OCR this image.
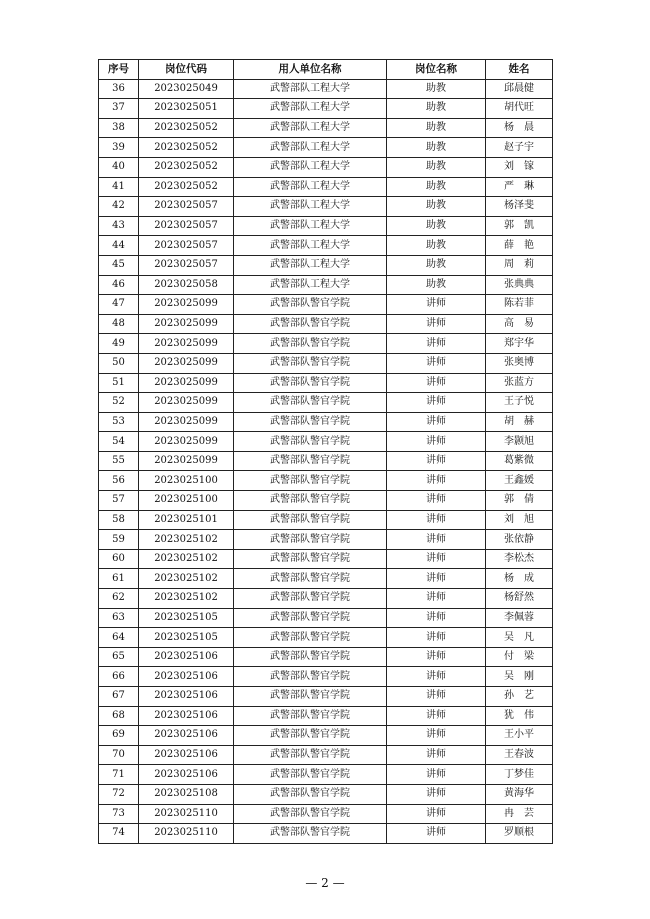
序号	岗位代码	用人单位名称	岗位名称	姓名
36	2023025049	武警部队工程大学	助教	邱晨健
37	2023025051	武警部队工程大学	助教	胡代旺
38	2023025052	武警部队工程大学	助教	杨　晨
39	2023025052	武警部队工程大学	助教	赵子宇
40	2023025052	武警部队工程大学	助教	刘　镓
41	2023025052	武警部队工程大学	助教	严　琳
42	2023025057	武警部队工程大学	助教	杨泽斐
43	2023025057	武警部队工程大学	助教	郭　凯
44	2023025057	武警部队工程大学	助教	薛　艳
45	2023025057	武警部队工程大学	助教	周　莉
46	2023025058	武警部队工程大学	助教	张典典
47	2023025099	武警部队警官学院	讲师	陈若菲
48	2023025099	武警部队警官学院	讲师	高　易
49	2023025099	武警部队警官学院	讲师	郑宇华
50	2023025099	武警部队警官学院	讲师	张奥博
51	2023025099	武警部队警官学院	讲师	张蓝方
52	2023025099	武警部队警官学院	讲师	王子悦
53	2023025099	武警部队警官学院	讲师	胡　赫
54	2023025099	武警部队警官学院	讲师	李颢旭
55	2023025099	武警部队警官学院	讲师	葛紫微
56	2023025100	武警部队警官学院	讲师	王鑫媛
57	2023025100	武警部队警官学院	讲师	郭　倩
58	2023025101	武警部队警官学院	讲师	刘　旭
59	2023025102	武警部队警官学院	讲师	张依静
60	2023025102	武警部队警官学院	讲师	李松杰
61	2023025102	武警部队警官学院	讲师	杨　成
62	2023025102	武警部队警官学院	讲师	杨舒然
63	2023025105	武警部队警官学院	讲师	李佩蓉
64	2023025105	武警部队警官学院	讲师	吴　凡
65	2023025106	武警部队警官学院	讲师	付　梁
66	2023025106	武警部队警官学院	讲师	吴　刚
67	2023025106	武警部队警官学院	讲师	孙　艺
68	2023025106	武警部队警官学院	讲师	犹　伟
69	2023025106	武警部队警官学院	讲师	王小平
70	2023025106	武警部队警官学院	讲师	王春波
71	2023025106	武警部队警官学院	讲师	丁梦佳
72	2023025108	武警部队警官学院	讲师	黄海华
73	2023025110	武警部队警官学院	讲师	冉　芸
74	2023025110	武警部队警官学院	讲师	罗顺根
— 2 —
